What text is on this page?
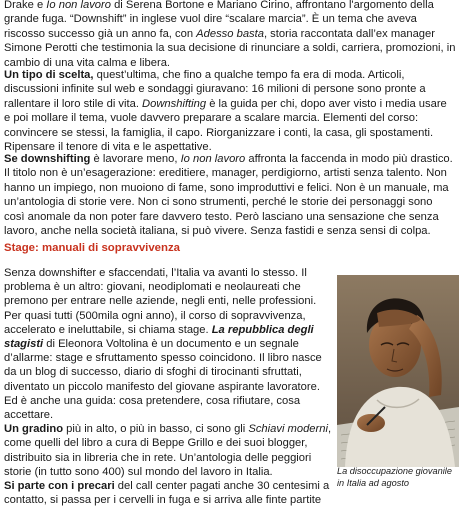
Drake e Io non lavoro di Serena Bortone e Mariano Cirino, affrontano l'argomento della grande fuga. “Downshift” in inglese vuol dire “scalare marcia”. È un tema che aveva riscosso successo già un anno fa, con Adesso basta, storia raccontata dall’ex manager Simone Perotti che testimonia la sua decisione di rinunciare a soldi, carriera, promozioni, in cambio di una vita calma e libera.

Un tipo di scelta, quest’ultima, che fino a qualche tempo fa era di moda. Articoli, discussioni infinite sul web e sondaggi giuravano: 16 milioni di persone sono pronte a rallentare il loro stile di vita. Downshifting è la guida per chi, dopo aver visto i media usare e poi mollare il tema, vuole davvero preparare a scalare marcia. Elementi del corso: convincere se stessi, la famiglia, il capo. Riorganizzare i conti, la casa, gli spostamenti. Ripensare il tenore di vita e le aspettative.

Se downshifting è lavorare meno, Io non lavoro affronta la faccenda in modo più drastico. Il titolo non è un’esagerazione: ereditiere, manager, perdigiorno, artisti senza talento. Non hanno un impiego, non muoiono di fame, sono improduttivi e felici. Non è un manuale, ma un’antologia di storie vere. Non ci sono strumenti, perché le storie dei personaggi sono così anomale da non poter fare davvero testo. Però lasciano una sensazione che senza lavoro, anche nella società italiana, si può vivere. Senza fastidi e senza sensi di colpa.

Stage: manuali di sopravvivenza

Senza downshifter e sfaccendati, l’Italia va avanti lo stesso. Il problema è un altro: giovani, neodiplomati e neolaureati che premono per entrare nelle aziende, negli enti, nelle professioni. Per quasi tutti (500mila ogni anno), il corso di sopravvivenza, accelerato e ineluttabile, si chiama stage. La repubblica degli stagisti di Eleonora Voltolina è un documento e un segnale d’allarme: stage e sfruttamento spesso coincidono. Il libro nasce da un blog di successo, diario di sfoghi di tirocinanti sfruttati, diventato un piccolo manifesto del giovane aspirante lavoratore. Ed è anche una guida: cosa pretendere, cosa rifiutare, cosa accettare.

Un gradino più in alto, o più in basso, ci sono gli Schiavi moderni, come quelli del libro a cura di Beppe Grillo e dei suoi blogger, distribuito sia in libreria che in rete. Un’antologia delle peggiori storie (in tutto sono 400) sul mondo del lavoro in Italia.

Si parte con i precari del call center pagati anche 30 centesimi a contatto, si passa per i cervelli in fuga e si arriva alle finte partite

La disoccupazione giovanile in Italia ad agosto
